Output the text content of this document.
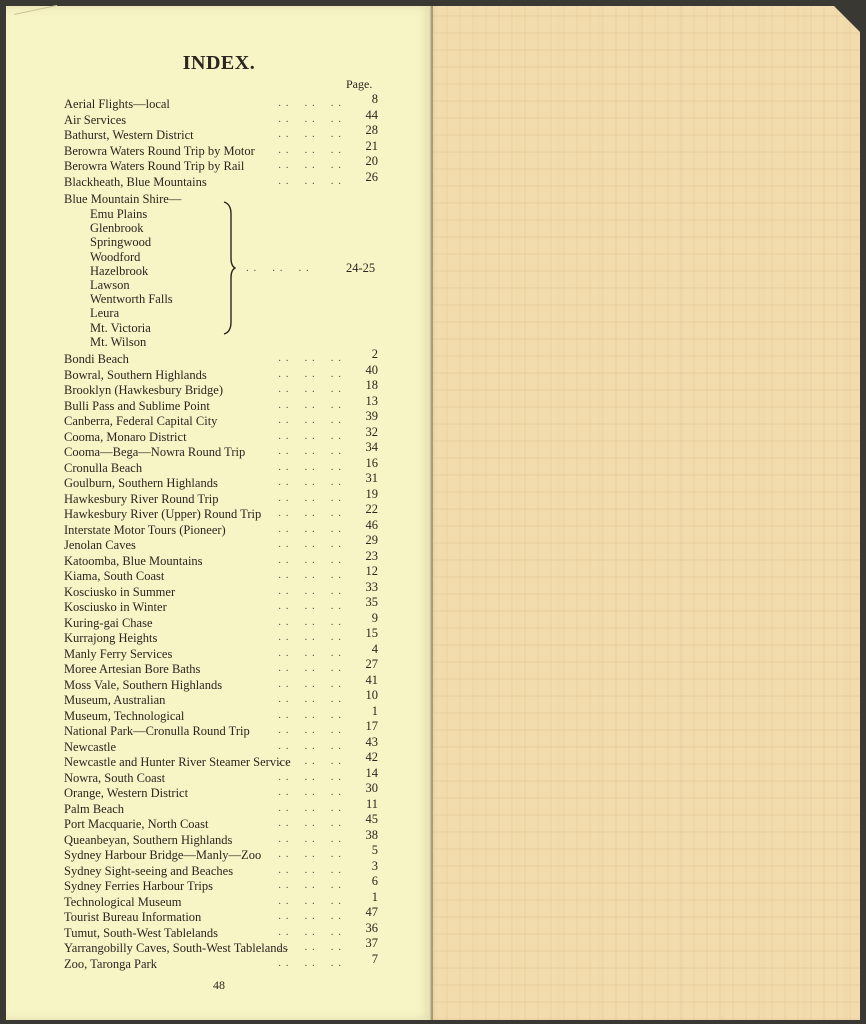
INDEX.
Page.
Aerial Flights—local	. .    . .    . .	8
Air Services	. .    . .    . .	44
Bathurst, Western District	. .    . .    . .	28
Berowra Waters Round Trip by Motor	. .    . .    . .	21
Berowra Waters Round Trip by Rail	. .    . .    . .	20
Blackheath, Blue Mountains	. .    . .    . .	26
Blue Mountain Shire—
Emu Plains
Glenbrook
Springwood
Woodford
Hazelbrook
Lawson
Wentworth Falls
Leura
Mt. Victoria
Mt. Wilson
. .    . .    . .	24-25
Bondi Beach	. .    . .    . .	2
Bowral, Southern Highlands	. .    . .    . .	40
Brooklyn (Hawkesbury Bridge)	. .    . .    . .	18
Bulli Pass and Sublime Point	. .    . .    . .	13
Canberra, Federal Capital City	. .    . .    . .	39
Cooma, Monaro District	. .    . .    . .	32
Cooma—Bega—Nowra Round Trip	. .    . .    . .	34
Cronulla Beach	. .    . .    . .	16
Goulburn, Southern Highlands	. .    . .    . .	31
Hawkesbury River Round Trip	. .    . .    . .	19
Hawkesbury River (Upper) Round Trip	. .    . .    . .	22
Interstate Motor Tours (Pioneer)	. .    . .    . .	46
Jenolan Caves	. .    . .    . .	29
Katoomba, Blue Mountains	. .    . .    . .	23
Kiama, South Coast	. .    . .    . .	12
Kosciusko in Summer	. .    . .    . .	33
Kosciusko in Winter	. .    . .    . .	35
Kuring-gai Chase	. .    . .    . .	9
Kurrajong Heights	. .    . .    . .	15
Manly Ferry Services	. .    . .    . .	4
Moree Artesian Bore Baths	. .    . .    . .	27
Moss Vale, Southern Highlands	. .    . .    . .	41
Museum, Australian	. .    . .    . .	10
Museum, Technological	. .    . .    . .	1
National Park—Cronulla Round Trip	. .    . .    . .	17
Newcastle	. .    . .    . .	43
Newcastle and Hunter River Steamer Service
. .    . .    . .	42
Nowra, South Coast	. .    . .    . .	14
Orange, Western District	. .    . .    . .	30
Palm Beach	. .    . .    . .	11
Port Macquarie, North Coast	. .    . .    . .	45
Queanbeyan, Southern Highlands	. .    . .    . .	38
Sydney Harbour Bridge—Manly—Zoo	. .    . .    . .	5
Sydney Sight-seeing and Beaches	. .    . .    . .	3
Sydney Ferries Harbour Trips	. .    . .    . .	6
Technological Museum	. .    . .    . .	1
Tourist Bureau Information	. .    . .    . .	47
Tumut, South-West Tablelands	. .    . .    . .	36
Yarrangobilly Caves, South-West Tablelands
. .    . .    . .	37
Zoo, Taronga Park	. .    . .    . .	7
48
